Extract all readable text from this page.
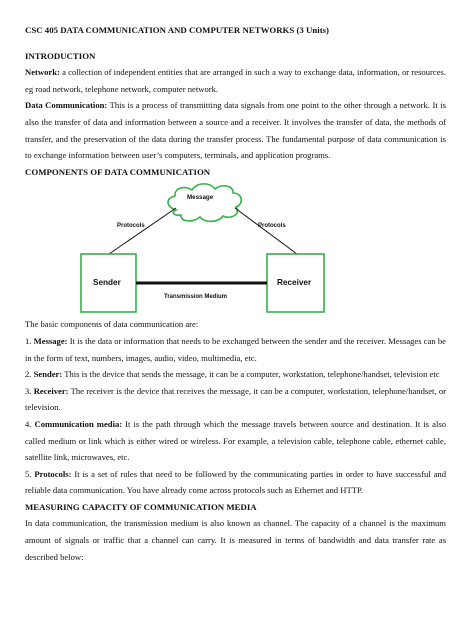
CSC 405 DATA COMMUNICATION AND COMPUTER NETWORKS (3 Units)

INTRODUCTION

Network: a collection of independent entities that are arranged in such a way to exchange data, information, or resources. eg road network, telephone network, computer network.

Data Communication: This is a process of transmitting data signals from one point to the other through a network. It is also the transfer of data and information between a source and a receiver. It involves the transfer of data, the methods of transfer, and the preservation of the data during the transfer process. The fundamental purpose of data communication is to exchange information between user’s computers, terminals, and application programs.

COMPONENTS OF DATA COMMUNICATION

Message
Protocols	Protocols
Sender	Receiver
Transmission Medium

The basic components of data communication are:

1. Message: It is the data or information that needs to be exchanged between the sender and the receiver. Messages can be in the form of text, numbers, images, audio, video, multimedia, etc.

2. Sender: This is the device that sends the message, it can be a computer, workstation, telephone/handset, television etc

3. Receiver: The receiver is the device that receives the message, it can be a computer, workstation, telephone/handset, or television.

4. Communication media: It is the path through which the message travels between source and destination. It is also called medium or link which is either wired or wireless. For example, a television cable, telephone cable, ethernet cable, satellite link, microwaves, etc.

5. Protocols: It is a set of rules that need to be followed by the communicating parties in order to have successful and reliable data communication. You have already come across protocols such as Ethernet and HTTP.

MEASURING CAPACITY OF COMMUNICATION MEDIA

In data communication, the transmission medium is also known as channel. The capacity of a channel is the maximum amount of signals or traffic that a channel can carry. It is measured in terms of bandwidth and data transfer rate as described below:
